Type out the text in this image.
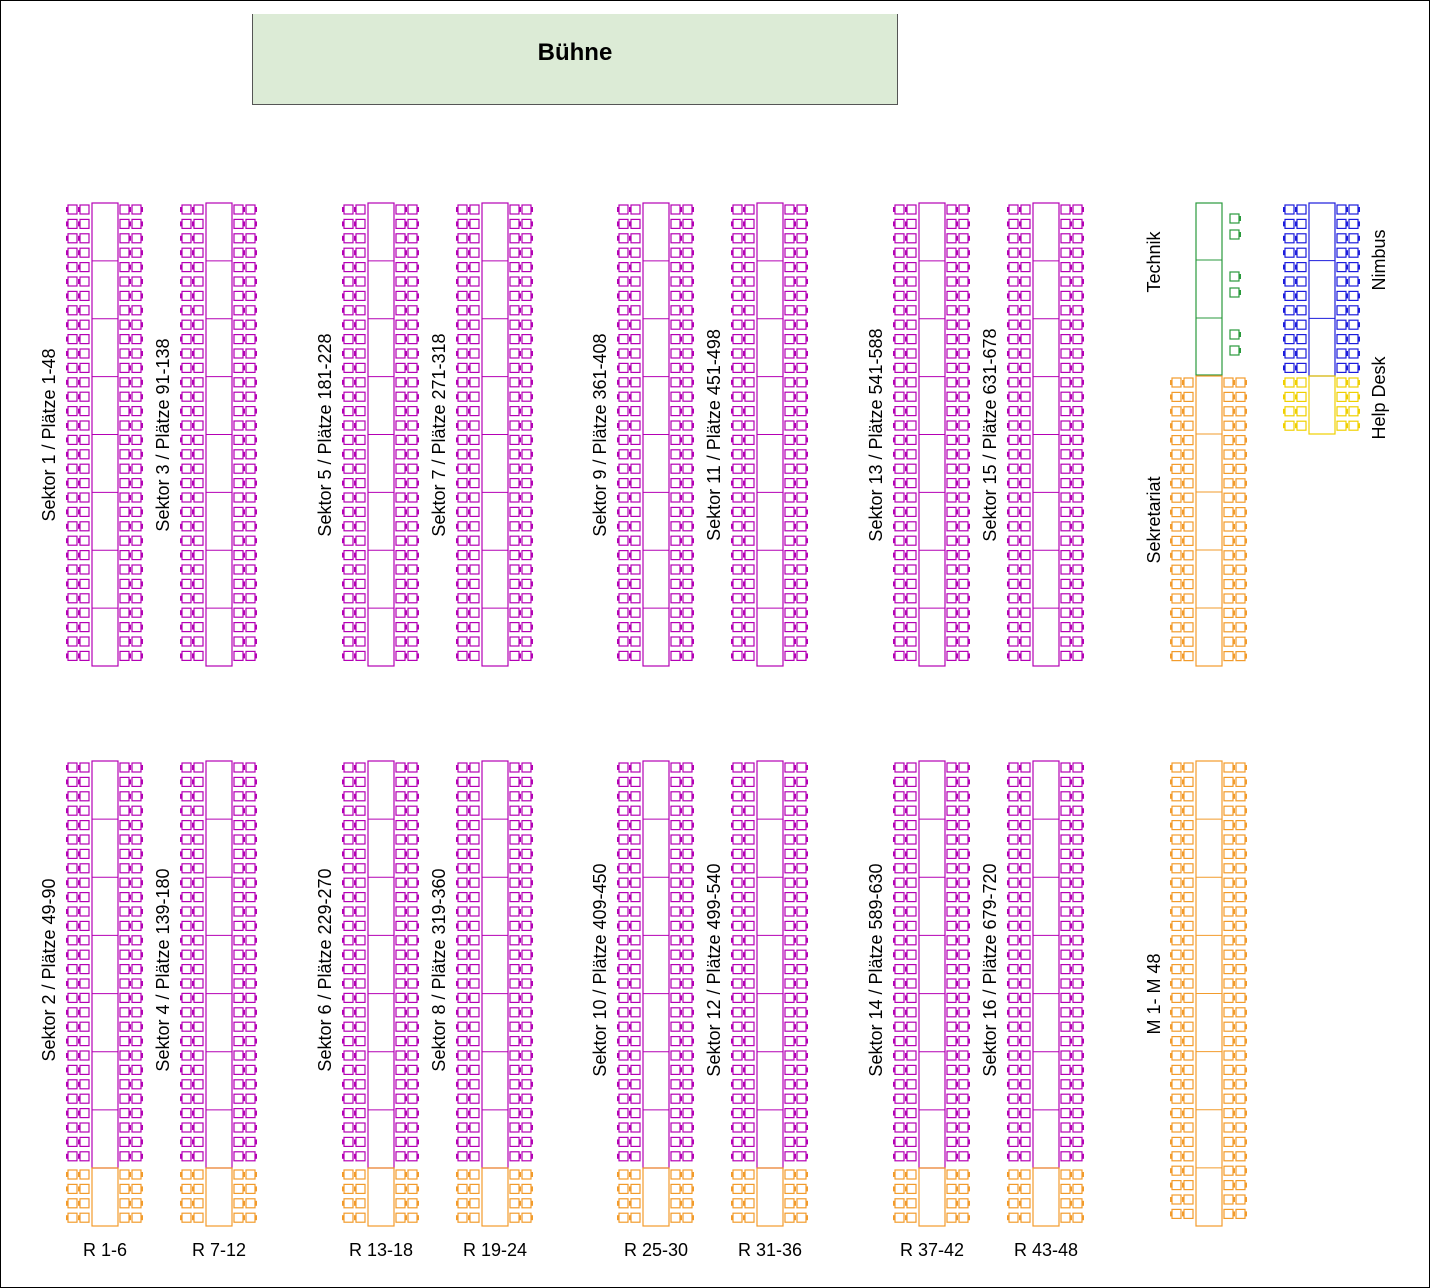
Bühne
Sektor 1 / Plätze 1-48	Sektor 3 / Plätze 91-138	Sektor 5 / Plätze 181-228	Sektor 7 / Plätze 271-318	Sektor 9 / Plätze 361-408	Sektor 11 / Plätze 451-498	Sektor 13 / Plätze 541-588	Sektor 15 / Plätze 631-678
Sektor 2 / Plätze 49-90
R 1-6
Sektor 4 / Plätze 139-180
R 7-12
Sektor 6 / Plätze 229-270
R 13-18
Sektor 8 / Plätze 319-360
R 19-24
Sektor 10 / Plätze 409-450
R 25-30
Sektor 12 / Plätze 499-540
R 31-36
Sektor 14 / Plätze 589-630
R 37-42
Sektor 16 / Plätze 679-720
R 43-48
Technik
Sekretariat
M 1- M 48
Nimbus
Help Desk
